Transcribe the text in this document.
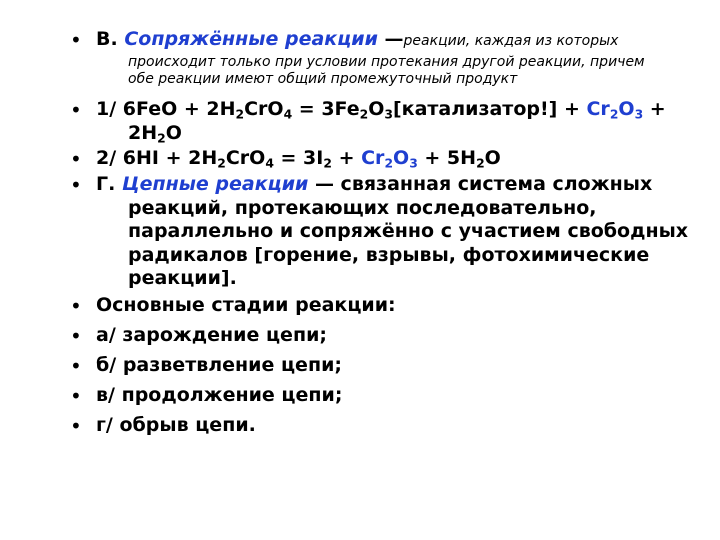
• B. Сопряжённые реакции —реакции, каждая из которых
происходит только при условии протекания другой реакции, причем
обе реакции имеют общий промежуточный продукт
• 1/ $6FeO + 2H_2CrO_4$ = $3Fe_2O_3[катализатор!] + Cr_2O_3$ +
$2H_2O$
• 2/ $6HI + 2H_2CrO_4 = 3I_2 + Cr_2O_3 + 5H_2O$
• Г. Цепные реакции — связанная система сложных
реакций, протекающих последовательно,
параллельно и сопряжённо с участием свободных
радикалов [горение, взрывы, фотохимические
реакции].
• Основные стадии реакции:
• а/ зарождение цепи;
• б/ разветвление цепи;
• в/ продолжение цепи;
• г/ обрыв цепи.
